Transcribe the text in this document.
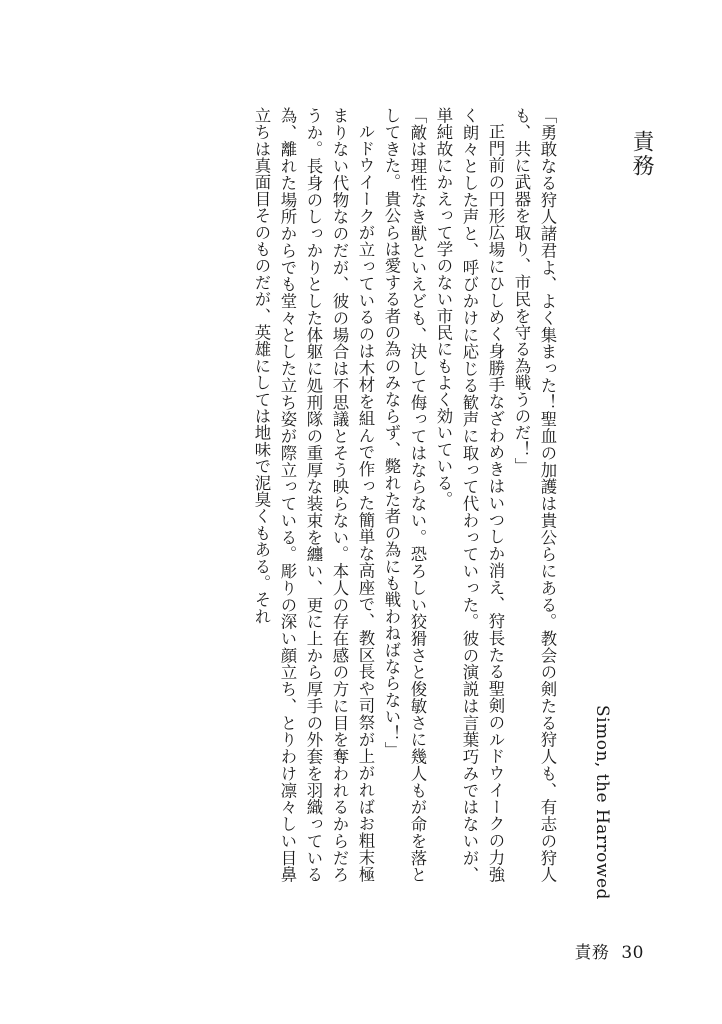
責務
Simon, the Harrowed

「勇敢なる狩人諸君よ、よく集まった！聖血の加護は貴公らにある。教会の剣たる狩人も、有志の狩人も、共に武器を取り、市民を守る為戦うのだ！」

正門前の円形広場にひしめく身勝手なざわめきはいつしか消え、狩長たる聖剣のルドウイークの力強く朗々とした声と、呼びかけに応じる歓声に取って代わっていった。彼の演説は言葉巧みではないが、単純故にかえって学のない市民にもよく効いている。

「敵は理性なき獣といえども、決して侮ってはならない。恐ろしい狡猾さと俊敏さに幾人もが命を落としてきた。貴公らは愛する者の為のみならず、斃れた者の為にも戦わねばならない！」

ルドウイークが立っているのは木材を組んで作った簡単な高座で、教区長や司祭が上がればお粗末極まりない代物なのだが、彼の場合は不思議とそう映らない。本人の存在感の方に目を奪われるからだろうか。長身のしっかりとした体躯に処刑隊の重厚な装束を纏い、更に上から厚手の外套を羽織っている為、離れた場所からでも堂々とした立ち姿が際立っている。彫りの深い顔立ち、とりわけ凛々しい目鼻立ちは真面目そのものだが、英雄にしては地味で泥臭くもある。それ

責務 30
